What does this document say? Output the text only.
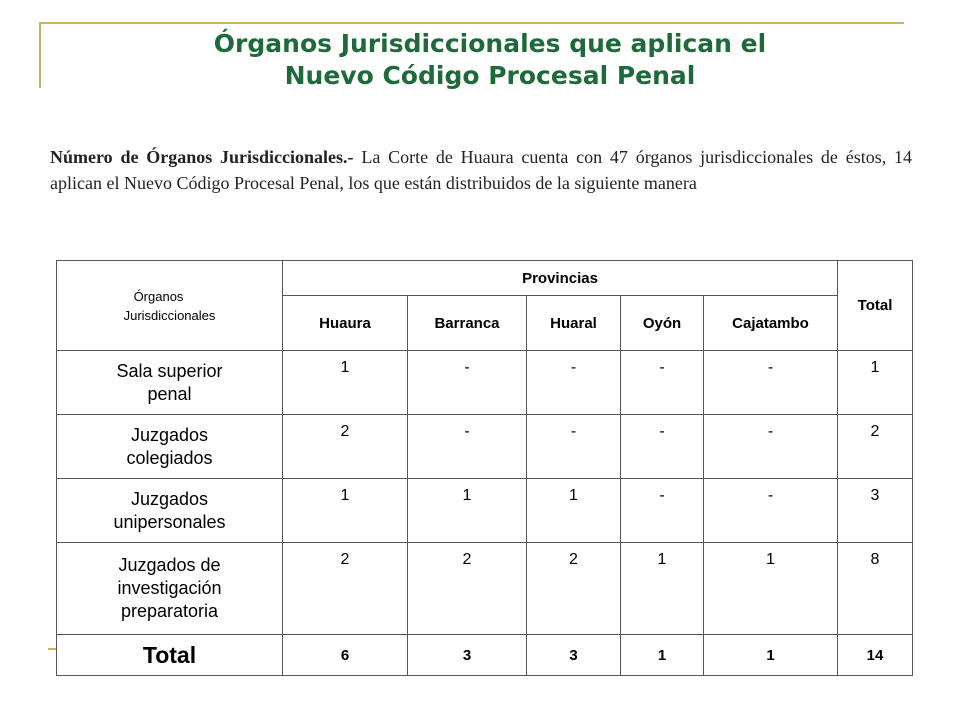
Órganos Jurisdiccionales que aplican el
Nuevo Código Procesal Penal

Número de Órganos Jurisdiccionales.- La Corte de Huaura cuenta con 47 órganos jurisdiccionales de éstos, 14 aplican el Nuevo Código Procesal Penal, los que están distribuidos de la siguiente manera

Órganos
Jurisdiccionales	Provincias					Total
	Huaura	Barranca	Huaral	Oyón	Cajatambo	

Sala superior
penal	1	-	-	-	-	1

Juzgados
colegiados	2	-	-	-	-	2

Juzgados
unipersonales	1	1	1	-	-	3

Juzgados de
investigación
preparatoria	2	2	2	1	1	8
Total	6	3	3	1	1	14
